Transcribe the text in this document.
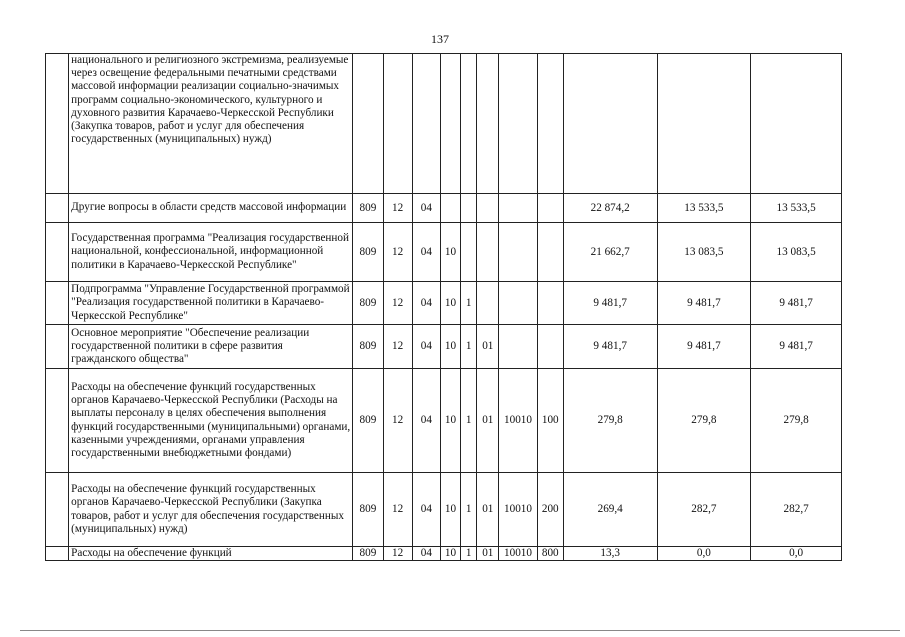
137
	национального и религиозного экстремизма, реализуемые через освещение федеральными печатными средствами массовой информации реализации социально-значимых программ социально-экономического, культурного и духовного развития Карачаево-Черкесской Республики (Закупка товаров, работ и услуг для обеспечения государственных (муниципальных) нужд)											
	Другие вопросы в области средств массовой информации	809	12	04						22 874,2	13 533,5	13 533,5
	Государственная программа "Реализация государственной национальной, конфессиональной, информационной политики в Карачаево-Черкесской Республике"	809	12	04	10					21 662,7	13 083,5	13 083,5
	Подпрограмма "Управление Государственной программой "Реализация государственной политики в Карачаево-Черкесской Республике"	809	12	04	10	1				9 481,7	9 481,7	9 481,7
	Основное мероприятие "Обеспечение реализации государственной политики в сфере развития гражданского общества"	809	12	04	10	1	01			9 481,7	9 481,7	9 481,7
	Расходы на обеспечение функций государственных органов Карачаево-Черкесской Республики (Расходы на выплаты персоналу в целях обеспечения выполнения функций государственными (муниципальными) органами, казенными учреждениями, органами управления государственными внебюджетными фондами)	809	12	04	10	1	01	10010	100	279,8	279,8	279,8
	Расходы на обеспечение функций государственных органов Карачаево-Черкесской Республики (Закупка товаров, работ и услуг для обеспечения государственных (муниципальных) нужд)	809	12	04	10	1	01	10010	200	269,4	282,7	282,7
	Расходы на обеспечение функций	809	12	04	10	1	01	10010	800	13,3	0,0	0,0
